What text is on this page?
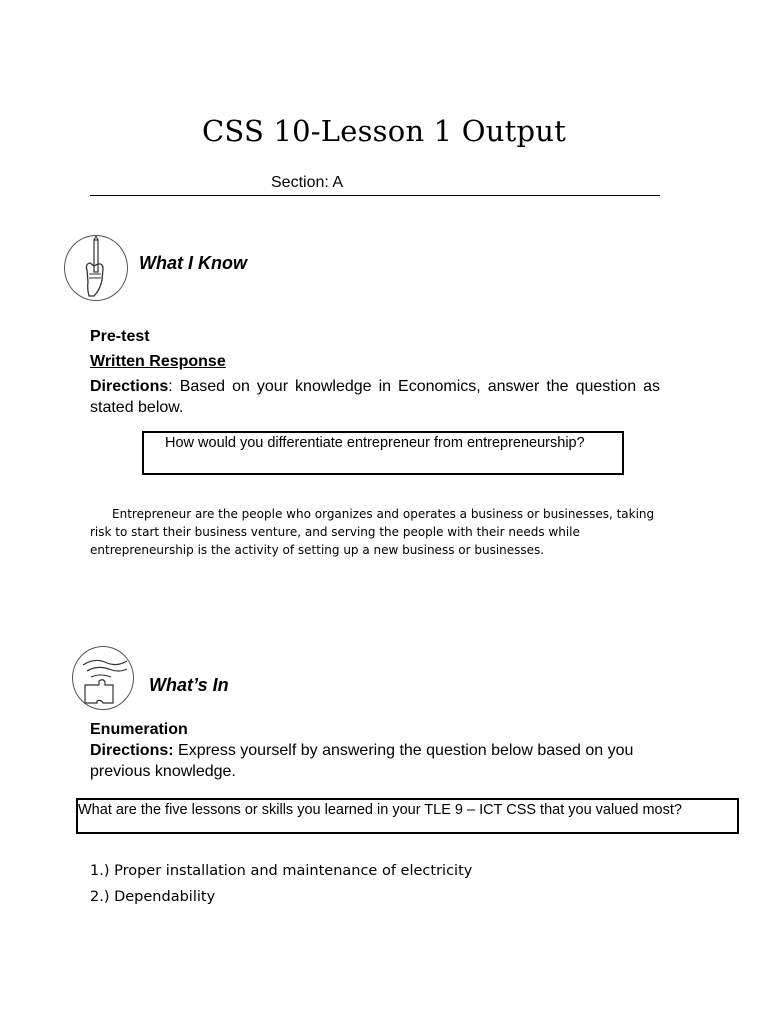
CSS 10-Lesson 1 Output
Section: A
What I Know
Pre-test
Written Response
Directions: Based on your knowledge in Economics, answer the question as stated below.
How would you differentiate entrepreneur from entrepreneurship?
Entrepreneur are the people who organizes and operates a business or businesses, taking risk to start their business venture, and serving the people with their needs while entrepreneurship is the activity of setting up a new business or businesses.
What’s In
Enumeration
Directions: Express yourself by answering the question below based on you previous knowledge.
What are the five lessons or skills you learned in your TLE 9 – ICT CSS that you valued most?
1.) Proper installation and maintenance of electricity
2.) Dependability
